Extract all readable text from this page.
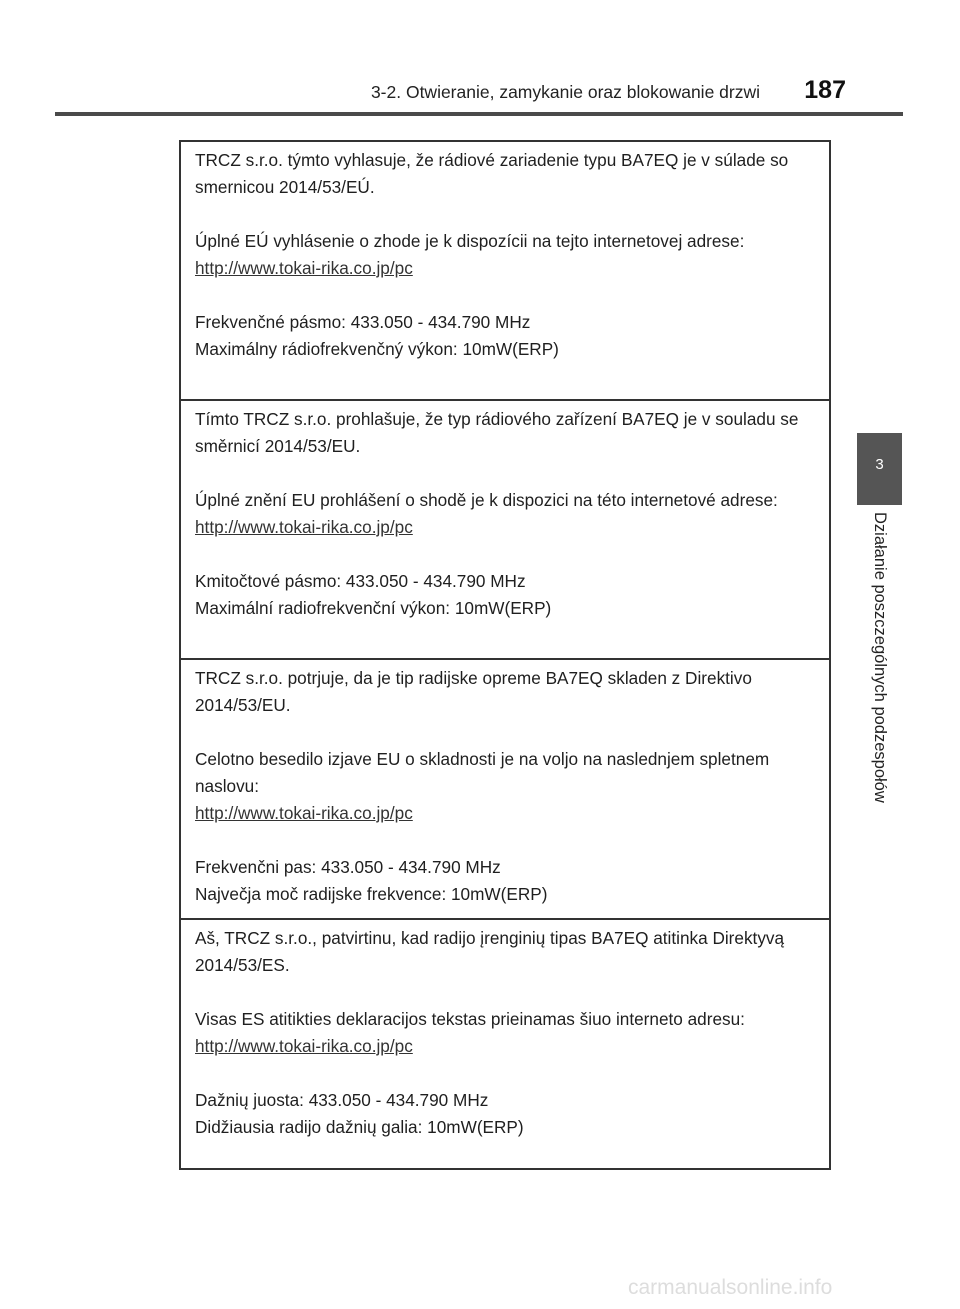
3-2. Otwieranie, zamykanie oraz blokowanie drzwi	187
3
Działanie poszczególnych podzespołów

TRCZ s.r.o. týmto vyhlasuje, že rádiové zariadenie typu BA7EQ je v súlade so smernicou 2014/53/EÚ.

Úplné EÚ vyhlásenie o zhode je k dispozícii na tejto internetovej adrese:

http://www.tokai-rika.co.jp/pc

Frekvenčné pásmo: 433.050 - 434.790 MHz

Maximálny rádiofrekvenčný výkon: 10mW(ERP)

Tímto TRCZ s.r.o. prohlašuje, že typ rádiového zařízení BA7EQ je v souladu se směrnicí 2014/53/EU.

Úplné znění EU prohlášení o shodě je k dispozici na této internetové adrese:

http://www.tokai-rika.co.jp/pc

Kmitočtové pásmo: 433.050 - 434.790 MHz

Maximální radiofrekvenční výkon: 10mW(ERP)

TRCZ s.r.o. potrjuje, da je tip radijske opreme BA7EQ skladen z Direktivo 2014/53/EU.

Celotno besedilo izjave EU o skladnosti je na voljo na naslednjem spletnem naslovu:

http://www.tokai-rika.co.jp/pc

Frekvenčni pas: 433.050 - 434.790 MHz

Največja moč radijske frekvence: 10mW(ERP)

Aš, TRCZ s.r.o., patvirtinu, kad radijo įrenginių tipas BA7EQ atitinka Direktyvą 2014/53/ES.

Visas ES atitikties deklaracijos tekstas prieinamas šiuo interneto adresu:

http://www.tokai-rika.co.jp/pc

Dažnių juosta: 433.050 - 434.790 MHz

Didžiausia radijo dažnių galia: 10mW(ERP)

carmanualsonline.info
